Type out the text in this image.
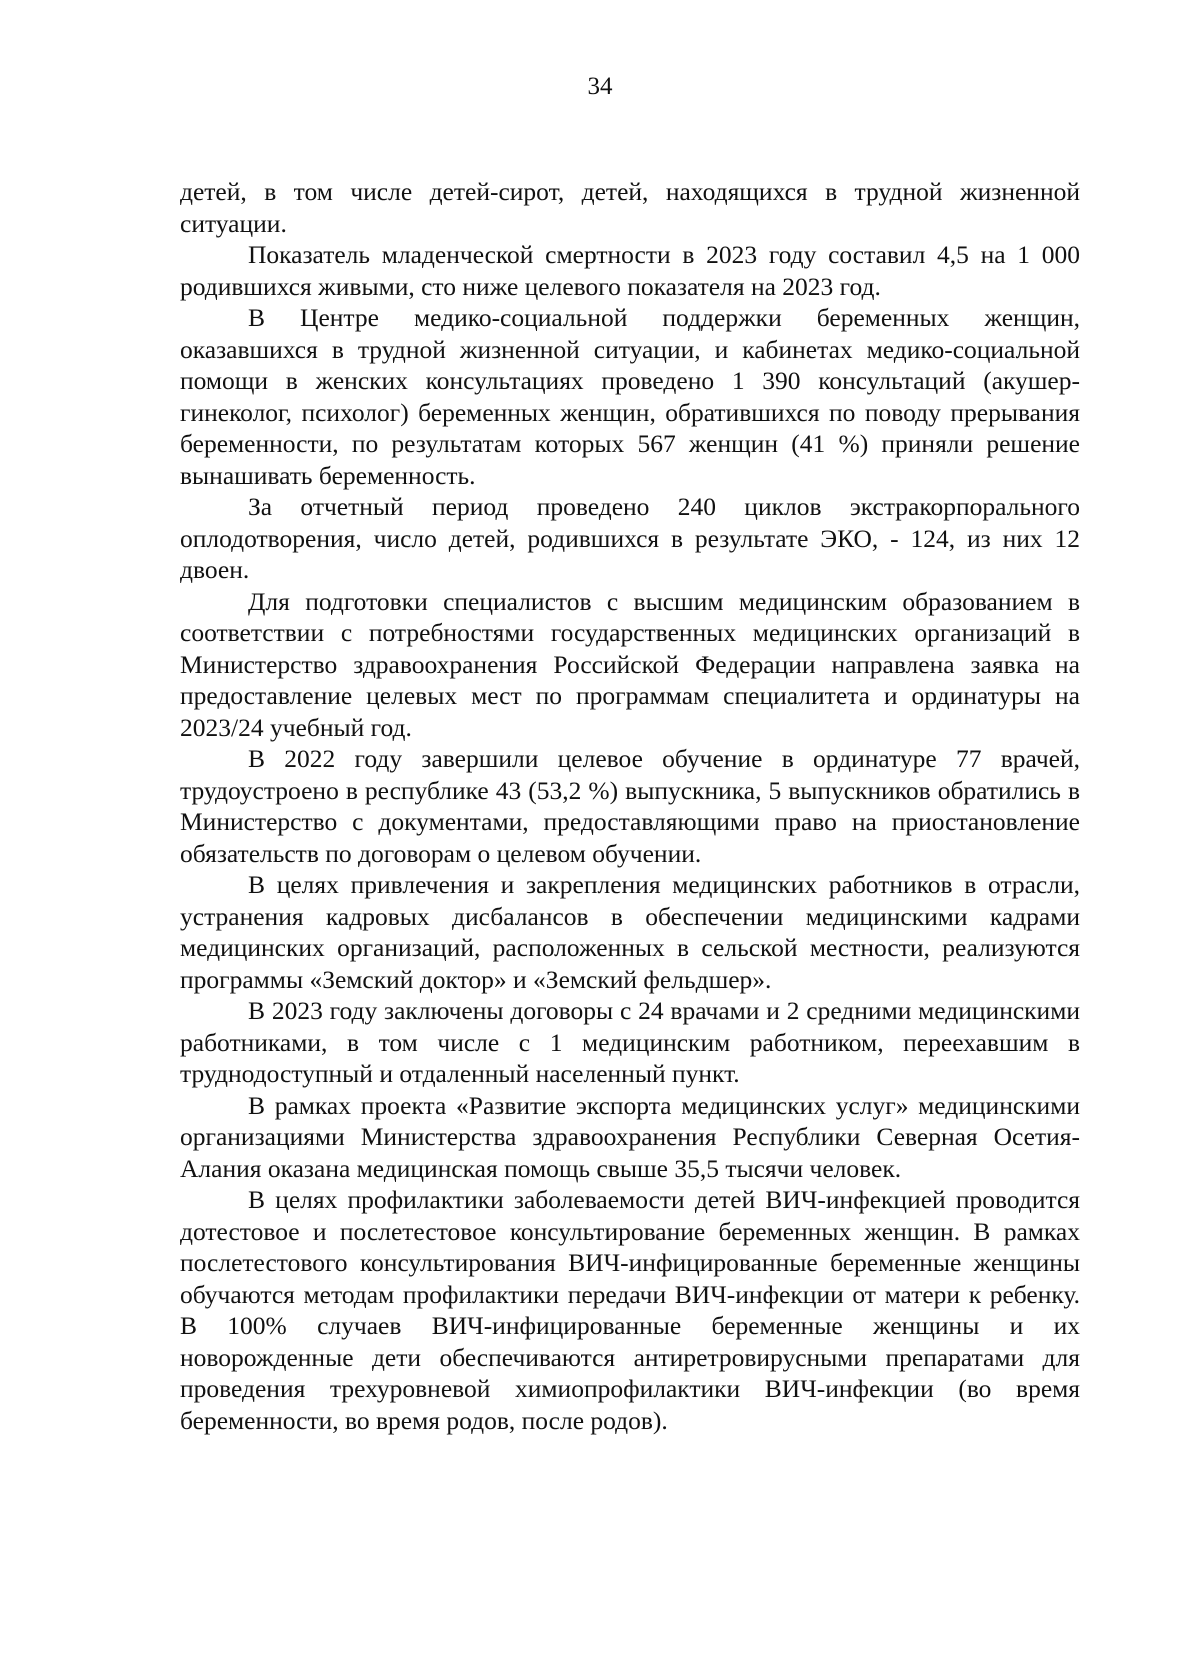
34

детей, в том числе детей-сирот, детей, находящихся в трудной жизненной ситуации.

Показатель младенческой смертности в 2023 году составил 4,5 на 1 000 родившихся живыми, сто ниже целевого показателя на 2023 год.

В Центре медико-социальной поддержки беременных женщин, оказавшихся в трудной жизненной ситуации, и кабинетах медико-социальной помощи в женских консультациях проведено 1 390 консультаций (акушер-гинеколог, психолог) беременных женщин, обратившихся по поводу прерывания беременности, по результатам которых 567 женщин (41 %) приняли решение вынашивать беременность.

За отчетный период проведено 240 циклов экстракорпорального оплодотворения, число детей, родившихся в результате ЭКО, - 124, из них 12 двоен.

Для подготовки специалистов с высшим медицинским образованием в соответствии с потребностями государственных медицинских организаций в Министерство здравоохранения Российской Федерации направлена заявка на предоставление целевых мест по программам специалитета и ординатуры на 2023/24 учебный год.

В 2022 году завершили целевое обучение в ординатуре 77 врачей, трудоустроено в республике 43 (53,2 %) выпускника, 5 выпускников обратились в Министерство с документами, предоставляющими право на приостановление обязательств по договорам о целевом обучении.

В целях привлечения и закрепления медицинских работников в отрасли, устранения кадровых дисбалансов в обеспечении медицинскими кадрами медицинских организаций, расположенных в сельской местности, реализуются программы «Земский доктор» и «Земский фельдшер».

В 2023 году заключены договоры с 24 врачами и 2 средними медицинскими работниками, в том числе с 1 медицинским работником, переехавшим в труднодоступный и отдаленный населенный пункт.

В рамках проекта «Развитие экспорта медицинских услуг» медицинскими организациями Министерства здравоохранения Республики Северная Осетия-Алания оказана медицинская помощь свыше 35,5 тысячи человек.

В целях профилактики заболеваемости детей ВИЧ-инфекцией проводится дотестовое и послетестовое консультирование беременных женщин. В рамках послетестового консультирования ВИЧ-инфицированные беременные женщины обучаются методам профилактики передачи ВИЧ-инфекции от матери к ребенку. В 100% случаев ВИЧ-инфицированные беременные женщины и их новорожденные дети обеспечиваются антиретровирусными препаратами для проведения трехуровневой химиопрофилактики ВИЧ-инфекции (во время беременности, во время родов, после родов).
